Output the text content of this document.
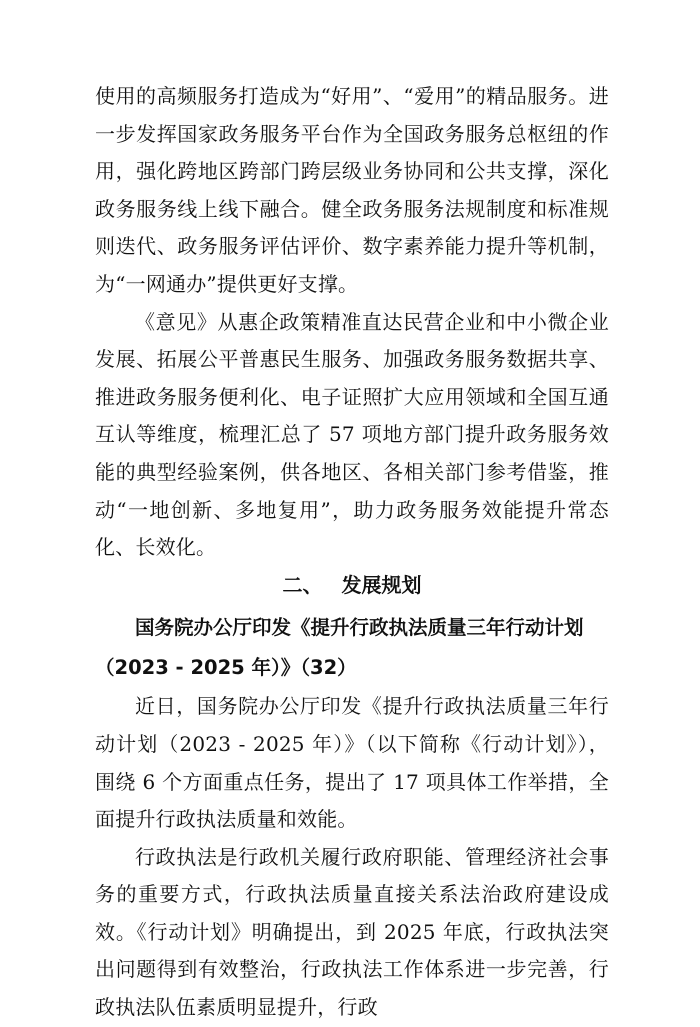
使用的高频服务打造成为“好用”、“爱用”的精品服务。进一步发挥国家政务服务平台作为全国政务服务总枢纽的作用，强化跨地区跨部门跨层级业务协同和公共支撑，深化政务服务线上线下融合。健全政务服务法规制度和标准规则迭代、政务服务评估评价、数字素养能力提升等机制，为“一网通办”提供更好支撑。

《意见》从惠企政策精准直达民营企业和中小微企业发展、拓展公平普惠民生服务、加强政务服务数据共享、推进政务服务便利化、电子证照扩大应用领域和全国互通互认等维度，梳理汇总了 57 项地方部门提升政务服务效能的典型经验案例，供各地区、各相关部门参考借鉴，推动“一地创新、多地复用”，助力政务服务效能提升常态化、长效化。

二、 发展规划
国务院办公厅印发《提升行政执法质量三年行动计划（2023 - 2025 年）》（32）

近日，国务院办公厅印发《提升行政执法质量三年行动计划（2023 - 2025 年）》（以下简称《行动计划》），围绕 6 个方面重点任务，提出了 17 项具体工作举措，全面提升行政执法质量和效能。

行政执法是行政机关履行政府职能、管理经济社会事务的重要方式，行政执法质量直接关系法治政府建设成效。《行动计划》明确提出，到 2025 年底，行政执法突出问题得到有效整治，行政执法工作体系进一步完善，行政执法队伍素质明显提升，行政
